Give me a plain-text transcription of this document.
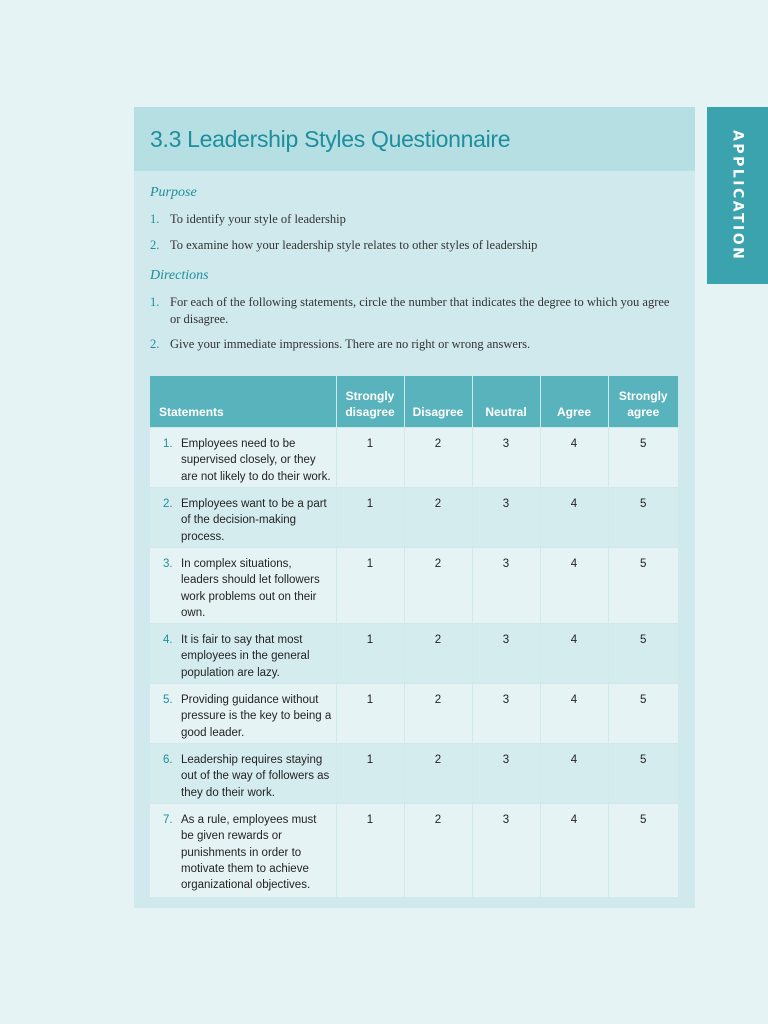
APPLICATION
3.3 Leadership Styles Questionnaire
Purpose
1. To identify your style of leadership
2. To examine how your leadership style relates to other styles of leadership
Directions
1. For each of the following statements, circle the number that indicates the degree to which you agree or disagree.
2. Give your immediate impressions. There are no right or wrong answers.
Statements	Strongly disagree	Disagree	Neutral	Agree	Strongly agree

1. Employees need to be supervised closely, or they are not likely to do their work.	1	2	3	4	5

2. Employees want to be a part of the decision-making process.	1	2	3	4	5

3. In complex situations, leaders should let followers work problems out on their own.	1	2	3	4	5

4. It is fair to say that most employees in the general population are lazy.	1	2	3	4	5

5. Providing guidance without pressure is the key to being a good leader.	1	2	3	4	5

6. Leadership requires staying out of the way of followers as they do their work.	1	2	3	4	5

7. As a rule, employees must be given rewards or punishments in order to motivate them to achieve organizational objectives.	1	2	3	4	5
